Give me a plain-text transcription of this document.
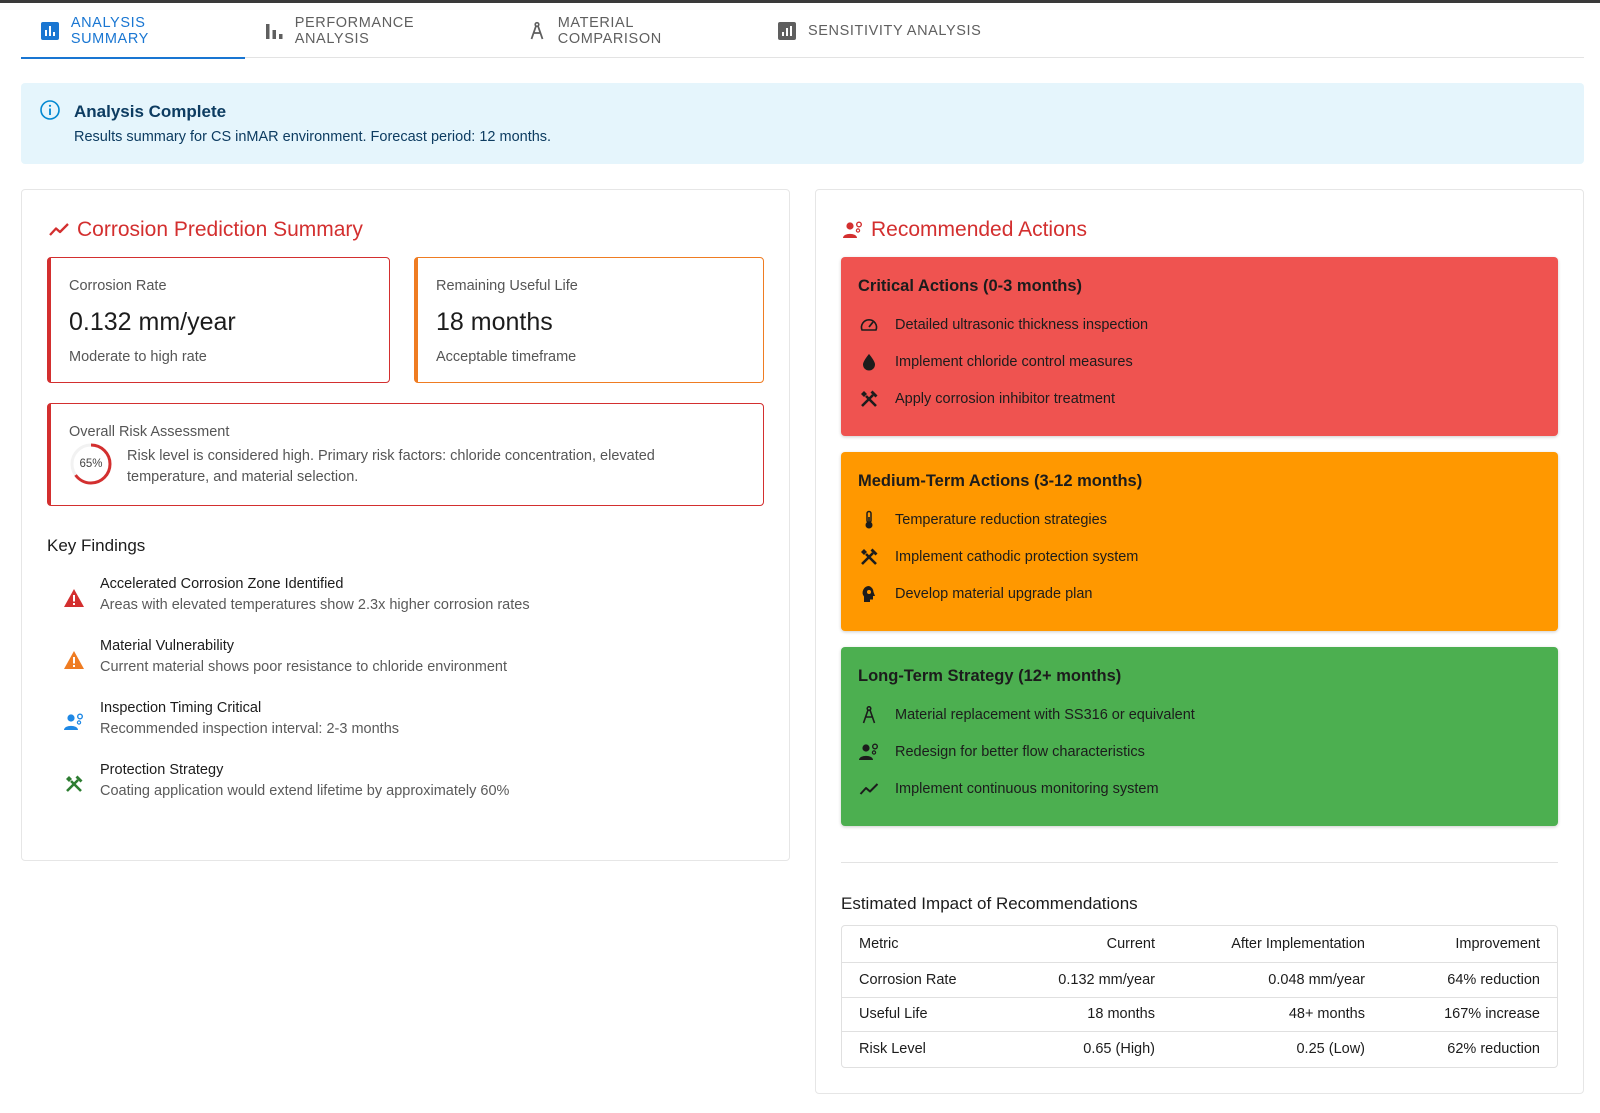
ANALYSIS SUMMARY
PERFORMANCE ANALYSIS
MATERIAL COMPARISON	SENSITIVITY ANALYSIS
Analysis Complete
Results summary for CS inMAR environment. Forecast period: 12 months.
Corrosion Prediction Summary
Corrosion Rate
0.132 mm/year
Moderate to high rate
Remaining Useful Life
18 months
Acceptable timeframe
Overall Risk Assessment
65%	Risk level is considered high. Primary risk factors: chloride concentration, elevated temperature, and material selection.
Key Findings
Accelerated Corrosion Zone Identified
Areas with elevated temperatures show 2.3x higher corrosion rates
Material Vulnerability
Current material shows poor resistance to chloride environment
Inspection Timing Critical
Recommended inspection interval: 2-3 months
Protection Strategy
Coating application would extend lifetime by approximately 60%
Recommended Actions
Critical Actions (0-3 months)
Detailed ultrasonic thickness inspection
Implement chloride control measures
Apply corrosion inhibitor treatment
Medium-Term Actions (3-12 months)
Temperature reduction strategies
Implement cathodic protection system
Develop material upgrade plan
Long-Term Strategy (12+ months)
Material replacement with SS316 or equivalent
Redesign for better flow characteristics
Implement continuous monitoring system
Estimated Impact of Recommendations
Metric	Current	After Implementation	Improvement
Corrosion Rate	0.132 mm/year	0.048 mm/year	64% reduction
Useful Life	18 months	48+ months	167% increase
Risk Level	0.65 (High)	0.25 (Low)	62% reduction
